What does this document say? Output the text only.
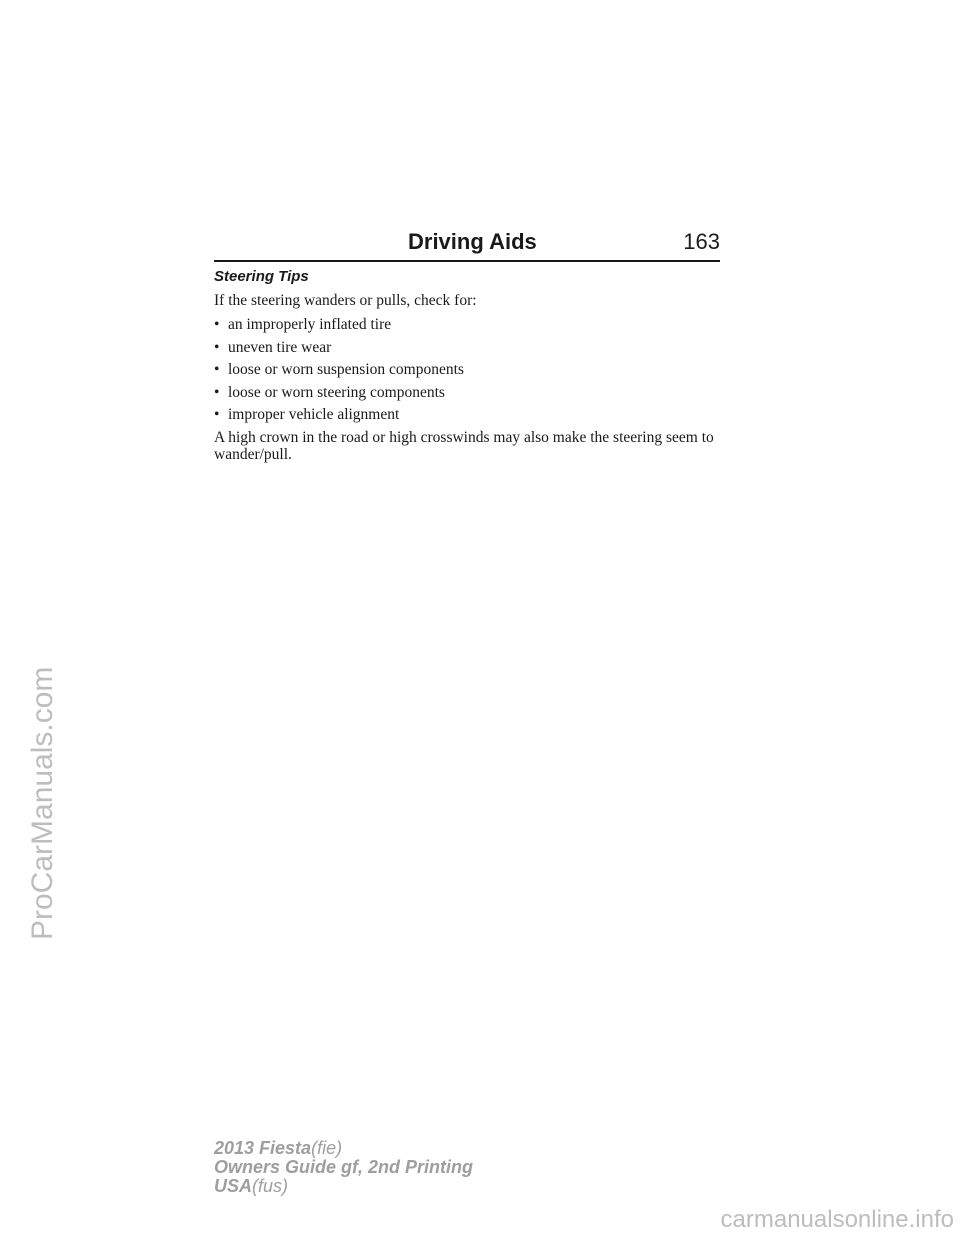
Driving Aids	163
Steering Tips

If the steering wanders or pulls, check for:

• an improperly inflated tire
• uneven tire wear
• loose or worn suspension components
• loose or worn steering components
• improper vehicle alignment

A high crown in the road or high crosswinds may also make the steering seem to wander/pull.

2013 Fiesta(fie)
Owners Guide gf, 2nd Printing
USA(fus)
ProCarManuals.com
carmanualsonline.info
